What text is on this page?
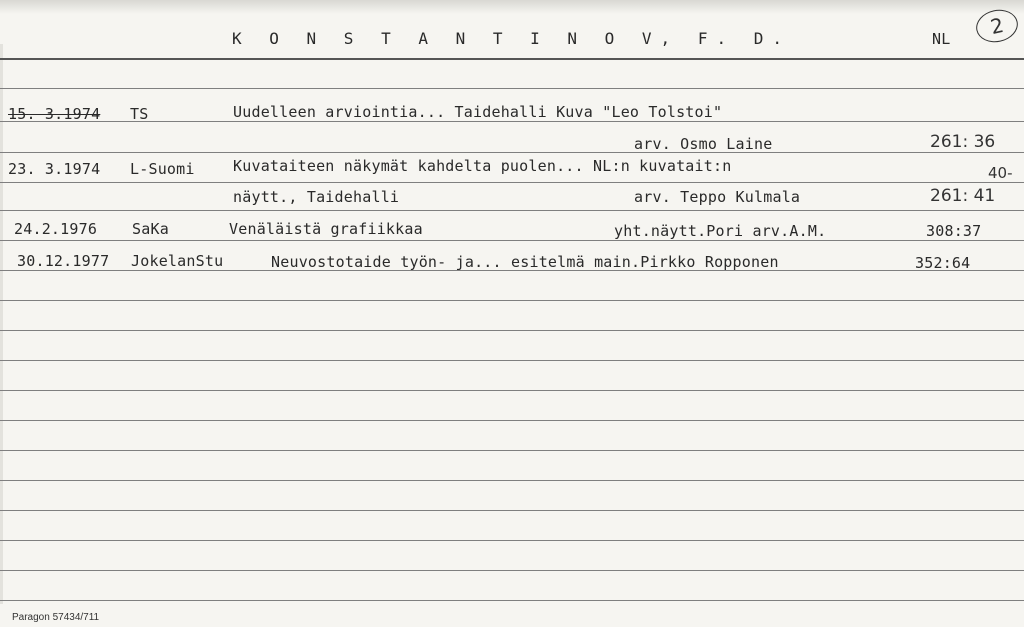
K O N S T A N T I N O V, F. D.	NL 2
15. 3.1974 TS	Uudelleen arviointia... Taidehalli Kuva "Leo Tolstoi"
arv. Osmo Laine	261: 36
23. 3.1974 L-Suomi	Kuvataiteen näkymät kahdelta puolen... NL:n kuvatait:n	40-
näytt., Taidehalli	arv. Teppo Kulmala	261: 41
24.2.1976 SaKa	Venäläistä grafiikkaa	yht.näytt.Pori arv.A.M.	308:37
30.12.1977 JokelanStu	Neuvostotaide työn- ja... esitelmä main.Pirkko Ropponen	352:64
Paragon 57434/711
